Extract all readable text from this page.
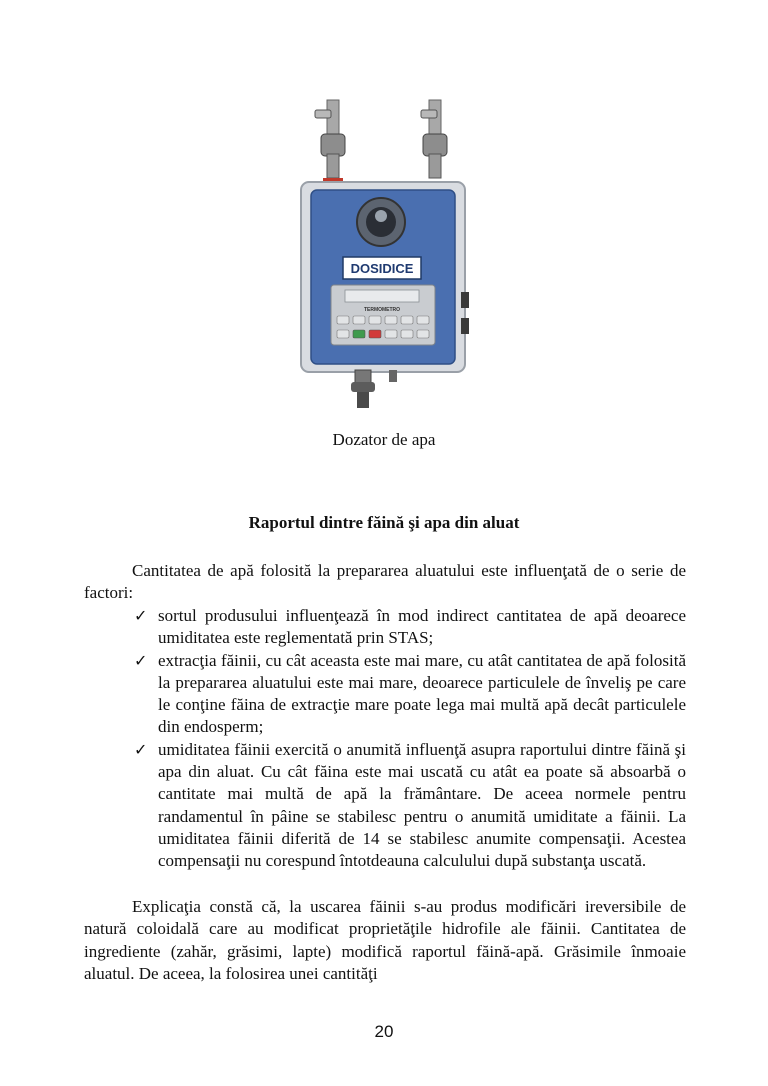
DOSIDICE
TERMOMETRO
Dozator de apa
Raportul dintre făină şi apa din aluat

Cantitatea de apă folosită la prepararea aluatului este influenţată de o serie de factori:

✓ sortul produsului influenţează în mod indirect cantitatea de apă deoarece umiditatea este reglementată prin STAS;
✓ extracţia făinii, cu cât aceasta este mai mare, cu atât cantitatea de apă folosită la prepararea aluatului este mai mare, deoarece particulele de înveliş pe care le conţine făina de extracţie mare poate lega mai multă apă decât particulele din endosperm;
✓ umiditatea făinii exercită o anumită influenţă asupra raportului dintre făină şi apa din aluat. Cu cât făina este mai uscată cu atât ea poate să absoarbă o cantitate mai multă de apă la frământare. De aceea normele pentru randamentul în pâine se stabilesc pentru o anumită umiditate a făinii. La umiditatea făinii diferită de 14 se stabilesc anumite compensaţii. Acestea compensaţii nu corespund întotdeauna calculului după substanţa uscată.

Explicaţia constă că, la uscarea făinii s-au produs modificări ireversibile de natură coloidală care au modificat proprietăţile hidrofile ale făinii. Cantitatea de ingrediente (zahăr, grăsimi, lapte) modifică raportul făină-apă. Grăsimile înmoaie aluatul. De aceea, la folosirea unei cantităţi

20
